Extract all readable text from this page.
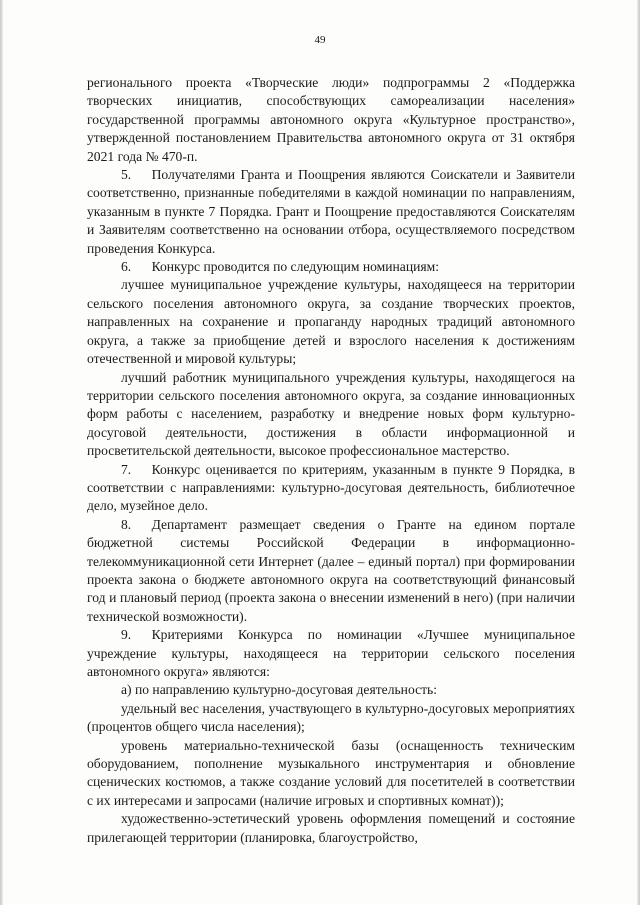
49

регионального проекта «Творческие люди» подпрограммы 2 «Поддержка творческих инициатив, способствующих самореализации населения» государственной программы автономного округа «Культурное пространство», утвержденной постановлением Правительства автономного округа от 31 октября 2021 года № 470-п.

5.  Получателями Гранта и Поощрения являются Соискатели и Заявители соответственно, признанные победителями в каждой номинации по направлениям, указанным в пункте 7 Порядка. Грант и Поощрение предоставляются Соискателям и Заявителям соответственно на основании отбора, осуществляемого посредством проведения Конкурса.

6.  Конкурс проводится по следующим номинациям:

лучшее муниципальное учреждение культуры, находящееся на территории сельского поселения автономного округа, за создание творческих проектов, направленных на сохранение и пропаганду народных традиций автономного округа, а также за приобщение детей и взрослого населения к достижениям отечественной и мировой культуры;

лучший работник муниципального учреждения культуры, находящегося на территории сельского поселения автономного округа, за создание инновационных форм работы с населением, разработку и внедрение новых форм культурно-досуговой деятельности, достижения в области информационной и просветительской деятельности, высокое профессиональное мастерство.

7.  Конкурс оценивается по критериям, указанным в пункте 9 Порядка, в соответствии с направлениями: культурно-досуговая деятельность, библиотечное дело, музейное дело.

8.  Департамент размещает сведения о Гранте на едином портале бюджетной системы Российской Федерации в информационно-телекоммуникационной сети Интернет (далее – единый портал) при формировании проекта закона о бюджете автономного округа на соответствующий финансовый год и плановый период (проекта закона о внесении изменений в него) (при наличии технической возможности).

9.  Критериями Конкурса по номинации «Лучшее муниципальное учреждение культуры, находящееся на территории сельского поселения автономного округа» являются:

а) по направлению культурно-досуговая деятельность:

удельный вес населения, участвующего в культурно-досуговых мероприятиях (процентов общего числа населения);

уровень материально-технической базы (оснащенность техническим оборудованием, пополнение музыкального инструментария и обновление сценических костюмов, а также создание условий для посетителей в соответствии с их интересами и запросами (наличие игровых и спортивных комнат));

художественно-эстетический уровень оформления помещений и состояние прилегающей территории (планировка, благоустройство,
